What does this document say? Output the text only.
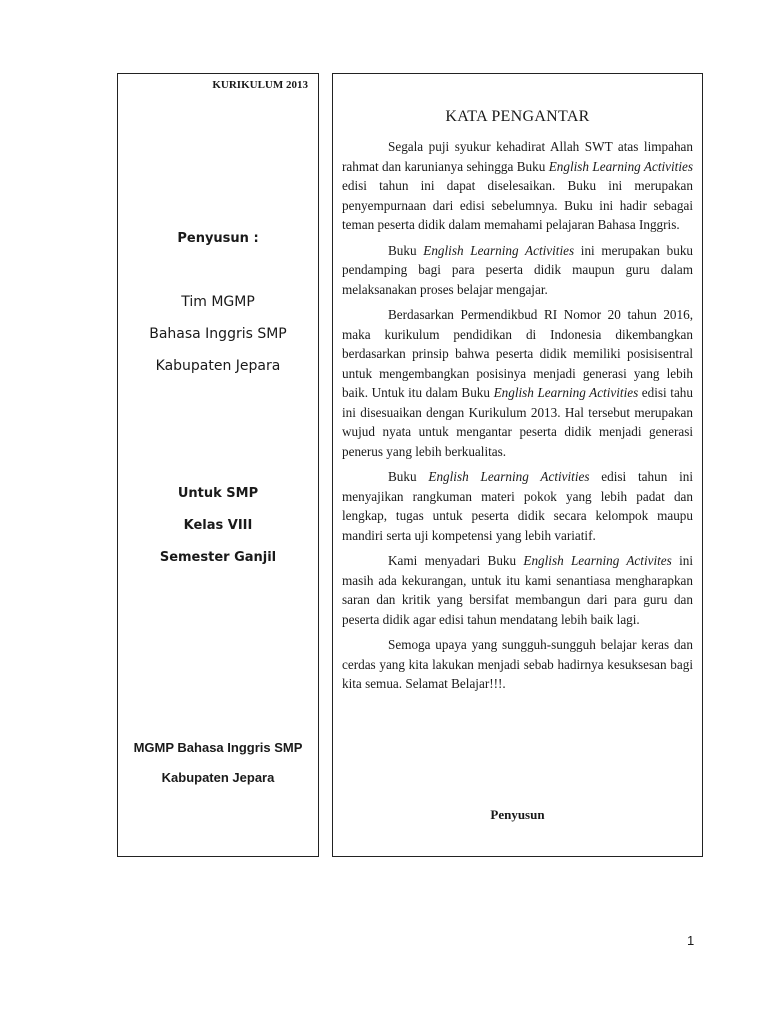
KURIKULUM 2013
Penyusun :
Tim MGMP
Bahasa Inggris SMP
Kabupaten Jepara
Untuk SMP
Kelas VIII
Semester Ganjil
MGMP Bahasa Inggris SMP
Kabupaten Jepara
KATA PENGANTAR

Segala puji syukur kehadirat Allah SWT atas limpahan rahmat dan karunianya sehingga Buku English Learning Activities edisi tahun ini dapat diselesaikan. Buku ini merupakan penyempurnaan dari edisi sebelumnya. Buku ini hadir sebagai teman peserta didik dalam memahami pelajaran Bahasa Inggris.

Buku English Learning Activities ini merupakan buku pendamping bagi para peserta didik maupun guru dalam melaksanakan proses belajar mengajar.

Berdasarkan Permendikbud RI Nomor 20 tahun 2016, maka kurikulum pendidikan di Indonesia dikembangkan berdasarkan prinsip bahwa peserta didik memiliki posisisentral untuk mengembangkan posisinya menjadi generasi yang lebih baik. Untuk itu dalam Buku English Learning Activities edisi tahu ini disesuaikan dengan Kurikulum 2013. Hal tersebut merupakan wujud nyata untuk mengantar peserta didik menjadi generasi penerus yang lebih berkualitas.

Buku English Learning Activities edisi tahun ini menyajikan rangkuman materi pokok yang lebih padat dan lengkap, tugas untuk peserta didik secara kelompok maupu mandiri serta uji kompetensi yang lebih variatif.

Kami menyadari Buku English Learning Activites ini masih ada kekurangan, untuk itu kami senantiasa mengharapkan saran dan kritik yang bersifat membangun dari para guru dan peserta didik agar edisi tahun mendatang lebih baik lagi.

Semoga upaya yang sungguh-sungguh belajar keras dan cerdas yang kita lakukan menjadi sebab hadirnya kesuksesan bagi kita semua. Selamat Belajar!!!.

Penyusun
1
